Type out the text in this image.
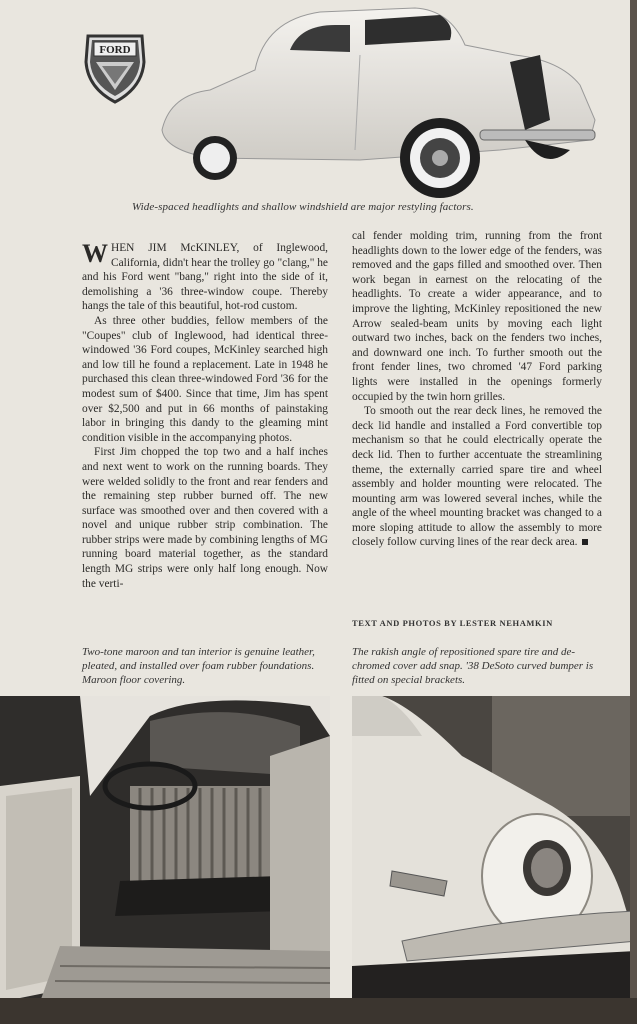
FORD
Wide-spaced headlights and shallow windshield are major restyling factors.

WHEN JIM McKINLEY, of Inglewood, California, didn't hear the trolley go "clang," he and his Ford went "bang," right into the side of it, demolishing a '36 three-window coupe. Thereby hangs the tale of this beautiful, hot-rod custom.

As three other buddies, fellow members of the "Coupes" club of Inglewood, had identical three-windowed '36 Ford coupes, McKinley searched high and low till he found a replacement. Late in 1948 he purchased this clean three-windowed Ford '36 for the modest sum of $400. Since that time, Jim has spent over $2,500 and put in 66 months of painstaking labor in bringing this dandy to the gleaming mint condition visible in the accompanying photos.

First Jim chopped the top two and a half inches and next went to work on the running boards. They were welded solidly to the front and rear fenders and the remaining step rubber burned off. The new surface was smoothed over and then covered with a novel and unique rubber strip combination. The rubber strips were made by combining lengths of MG running board material together, as the standard length MG strips were only half long enough. Now the verti-

cal fender molding trim, running from the front headlights down to the lower edge of the fenders, was removed and the gaps filled and smoothed over. Then work began in earnest on the relocating of the headlights. To create a wider appearance, and to improve the lighting, McKinley repositioned the new Arrow sealed-beam units by moving each light outward two inches, back on the fenders two inches, and downward one inch. To further smooth out the front fender lines, two chromed '47 Ford parking lights were installed in the openings formerly occupied by the twin horn grilles.

To smooth out the rear deck lines, he removed the deck lid handle and installed a Ford convertible top mechanism so that he could electrically operate the deck lid. Then to further accentuate the streamlining theme, the externally carried spare tire and wheel assembly and holder mounting were relocated. The mounting arm was lowered several inches, while the angle of the wheel mounting bracket was changed to a more sloping attitude to allow the assembly to more closely follow curving lines of the rear deck area.

TEXT AND PHOTOS BY LESTER NEHAMKIN
Two-tone maroon and tan interior is genuine leather, pleated, and installed over foam rubber foundations. Maroon floor covering.
The rakish angle of repositioned spare tire and de-chromed cover add snap. '38 DeSoto curved bumper is fitted on special brackets.
